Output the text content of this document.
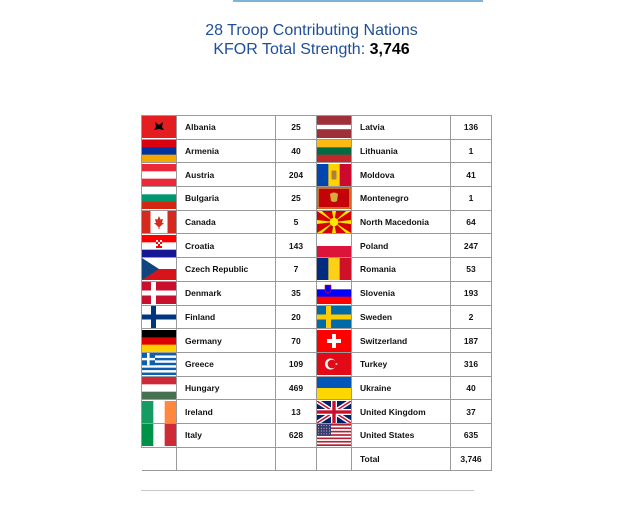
28 Troop Contributing Nations
KFOR Total Strength: 3,746
	Albania	25		Latvia	136

	Armenia	40		Lithuania	1

	Austria	204		Moldova	41

	Bulgaria	25		Montenegro	1

	Canada	5		North Macedonia	64

	Croatia	143		Poland	247

	Czech Republic	7		Romania	53

	Denmark	35		Slovenia	193

	Finland	20		Sweden	2

	Germany	70		Switzerland	187

	Greece	109		Turkey	316

	Hungary	469		Ukraine	40

	Ireland	13		United Kingdom	37

	Italy	628		United States	635
				Total	3,746
